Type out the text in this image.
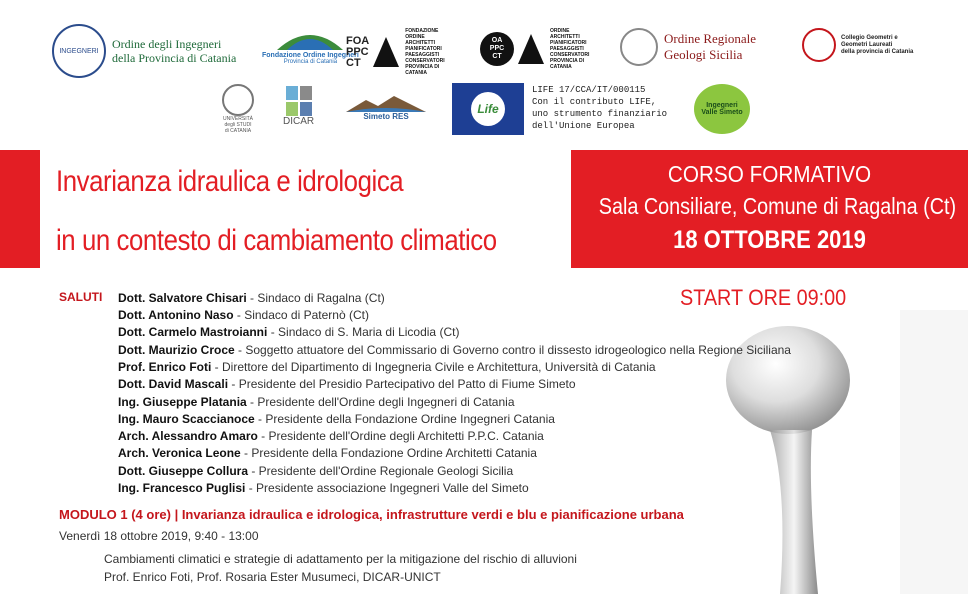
INGEGNERI Ordine degli Ingegneri
della Provincia di Catania	Fondazione Ordine Ingegneri
Provincia di Catania
FOA
PPC
CT
FONDAZIONE ORDINE ARCHITETTI PIANIFICATORI PAESAGGISTI CONSERVATORI PROVINCIA DI CATANIA
OA
PPC
CT
ORDINE ARCHITETTI PIANIFICATORI PAESAGGISTI CONSERVATORI PROVINCIA DI CATANIA
Ordine Regionale
Geologi Sicilia
Collegio Geometri e
Geometri Laureati
della provincia di Catania
UNIVERSITÀ
degli STUDI
di CATANIA
DICAR	Simeto RES
Life
LIFE 17/CCA/IT/000115
Con il contributo LIFE,
uno strumento finanziario
dell'Unione Europea
Ingegneri Valle Simeto
Invarianza idraulica e idrologica
in un contesto di cambiamento climatico
CORSO FORMATIVO
Sala Consiliare, Comune di Ragalna (Ct)
18 OTTOBRE 2019
START ORE 09:00
SALUTI Dott. Salvatore Chisari - Sindaco di Ragalna (Ct)
Dott. Antonino Naso - Sindaco di Paternò (Ct)
Dott. Carmelo Mastroianni - Sindaco di S. Maria di Licodia (Ct)
Dott. Maurizio Croce - Soggetto attuatore del Commissario di Governo contro il dissesto idrogeologico nella Regione Siciliana
Prof. Enrico Foti - Direttore del Dipartimento di Ingegneria Civile e Architettura, Università di Catania
Dott. David Mascali - Presidente del Presidio Partecipativo del Patto di Fiume Simeto
Ing. Giuseppe Platania - Presidente dell'Ordine degli Ingegneri di Catania
Ing. Mauro Scaccianoce - Presidente della Fondazione Ordine Ingegneri Catania
Arch. Alessandro Amaro - Presidente dell'Ordine degli Architetti P.P.C. Catania
Arch. Veronica Leone - Presidente della Fondazione Ordine Architetti Catania
Dott. Giuseppe Collura - Presidente dell'Ordine Regionale Geologi Sicilia
Ing. Francesco Puglisi - Presidente associazione Ingegneri Valle del Simeto
MODULO 1 (4 ore) | Invarianza idraulica e idrologica, infrastrutture verdi e blu e pianificazione urbana
Venerdì 18 ottobre 2019, 9:40 - 13:00
Cambiamenti climatici e strategie di adattamento per la mitigazione del rischio di alluvioni
Prof. Enrico Foti, Prof. Rosaria Ester Musumeci, DICAR-UNICT
